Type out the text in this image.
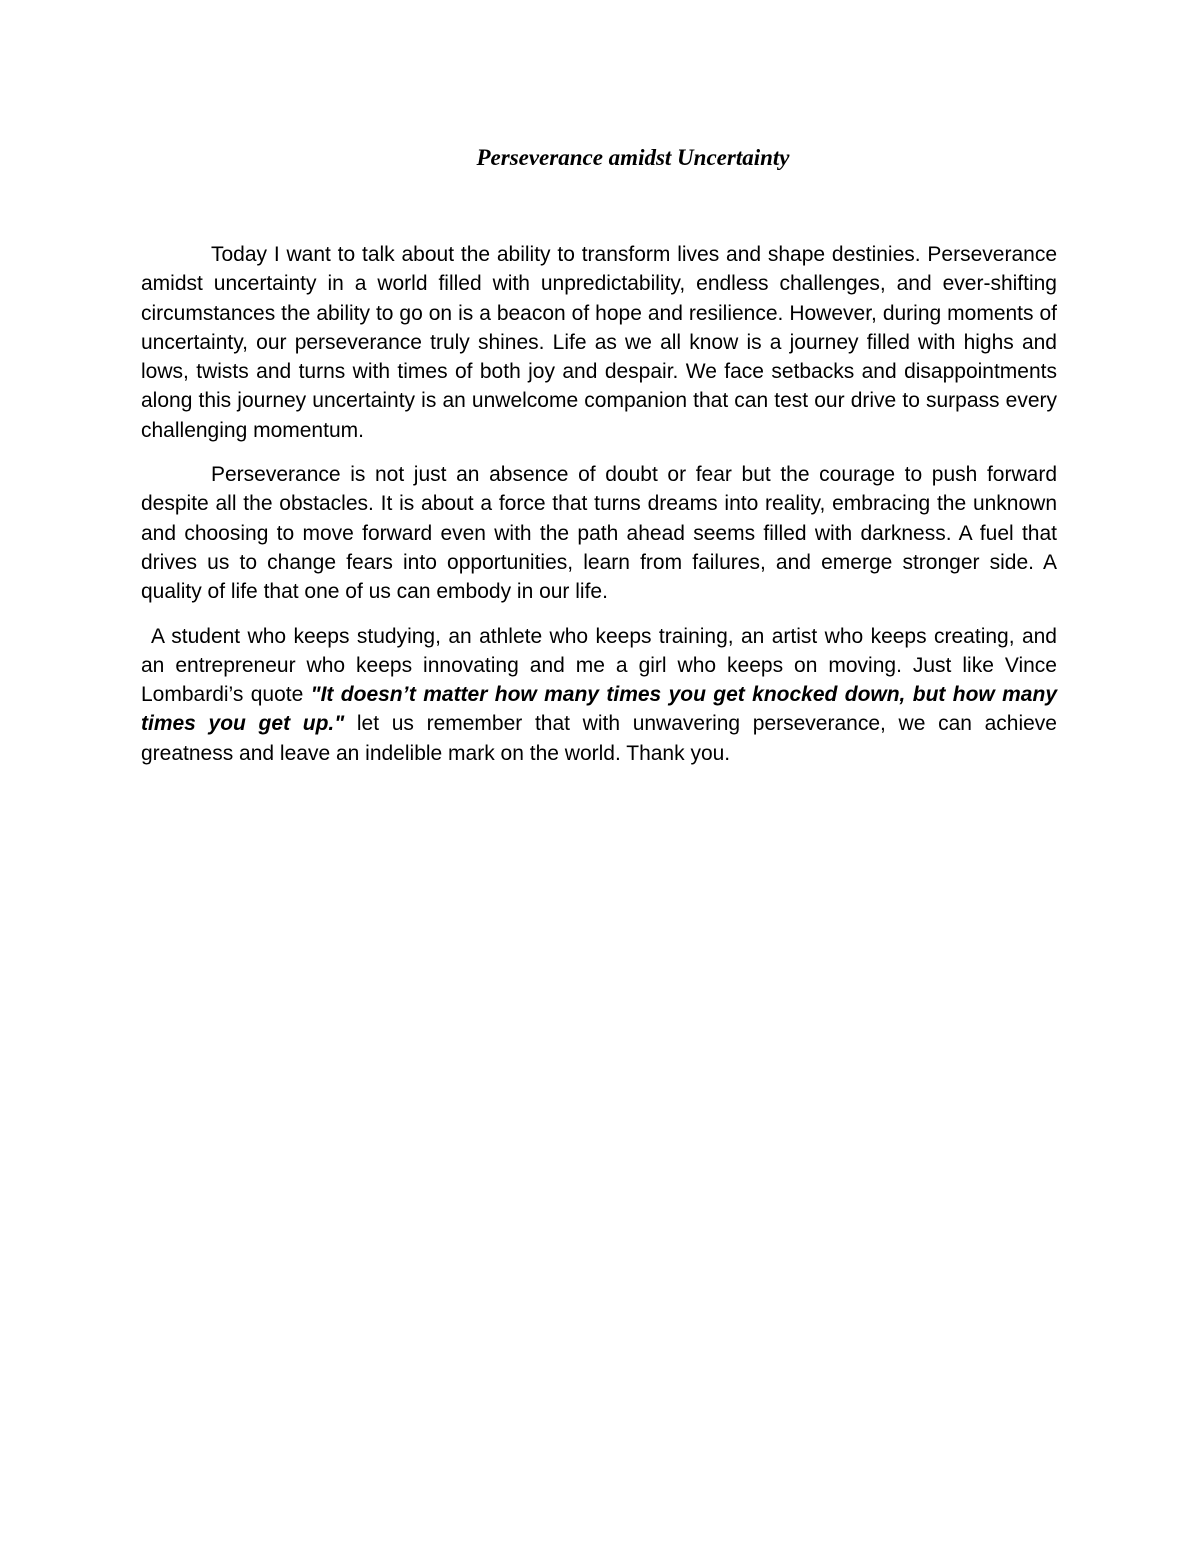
Perseverance amidst Uncertainty

Today I want to talk about the ability to transform lives and shape destinies. Perseverance amidst uncertainty in a world filled with unpredictability, endless challenges, and ever-shifting circumstances the ability to go on is a beacon of hope and resilience. However, during moments of uncertainty, our perseverance truly shines. Life as we all know is a journey filled with highs and lows, twists and turns with times of both joy and despair. We face setbacks and disappointments along this journey uncertainty is an unwelcome companion that can test our drive to surpass every challenging momentum.

Perseverance is not just an absence of doubt or fear but the courage to push forward despite all the obstacles. It is about a force that turns dreams into reality, embracing the unknown and choosing to move forward even with the path ahead seems filled with darkness. A fuel that drives us to change fears into opportunities, learn from failures, and emerge stronger side. A quality of life that one of us can embody in our life.

A student who keeps studying, an athlete who keeps training, an artist who keeps creating, and an entrepreneur who keeps innovating and me a girl who keeps on moving. Just like Vince Lombardi’s quote "It doesn’t matter how many times you get knocked down, but how many times you get up." let us remember that with unwavering perseverance, we can achieve greatness and leave an indelible mark on the world. Thank you.
